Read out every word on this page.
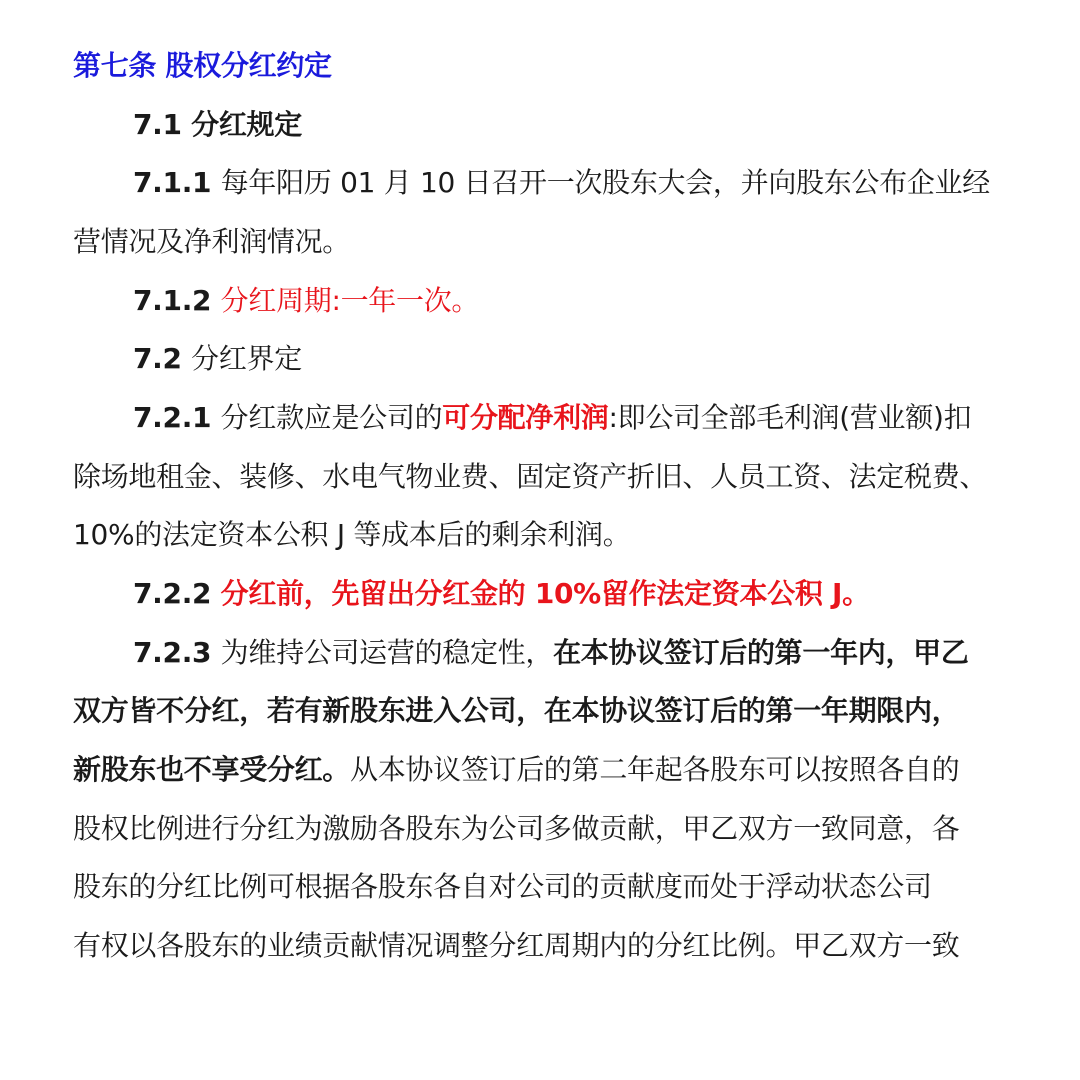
第七条 股权分红约定
7.1 分红规定
7.1.1 每年阳历 01 月 10 日召开一次股东大会，并向股东公布企业经
营情况及净利润情况。
7.1.2 分红周期:一年一次。
7.2 分红界定
7.2.1 分红款应是公司的可分配净利润:即公司全部毛利润(营业额)扣
除场地租金、装修、水电气物业费、固定资产折旧、人员工资、法定税费、
10%的法定资本公积 J 等成本后的剩余利润。
7.2.2 分红前，先留出分红金的 10%留作法定资本公积 J。
7.2.3 为维持公司运营的稳定性，在本协议签订后的第一年内，甲乙
双方皆不分红，若有新股东进入公司，在本协议签订后的第一年期限内，
新股东也不享受分红。从本协议签订后的第二年起各股东可以按照各自的
股权比例进行分红为激励各股东为公司多做贡献，甲乙双方一致同意，各
股东的分红比例可根据各股东各自对公司的贡献度而处于浮动状态公司
有权以各股东的业绩贡献情况调整分红周期内的分红比例。甲乙双方一致
